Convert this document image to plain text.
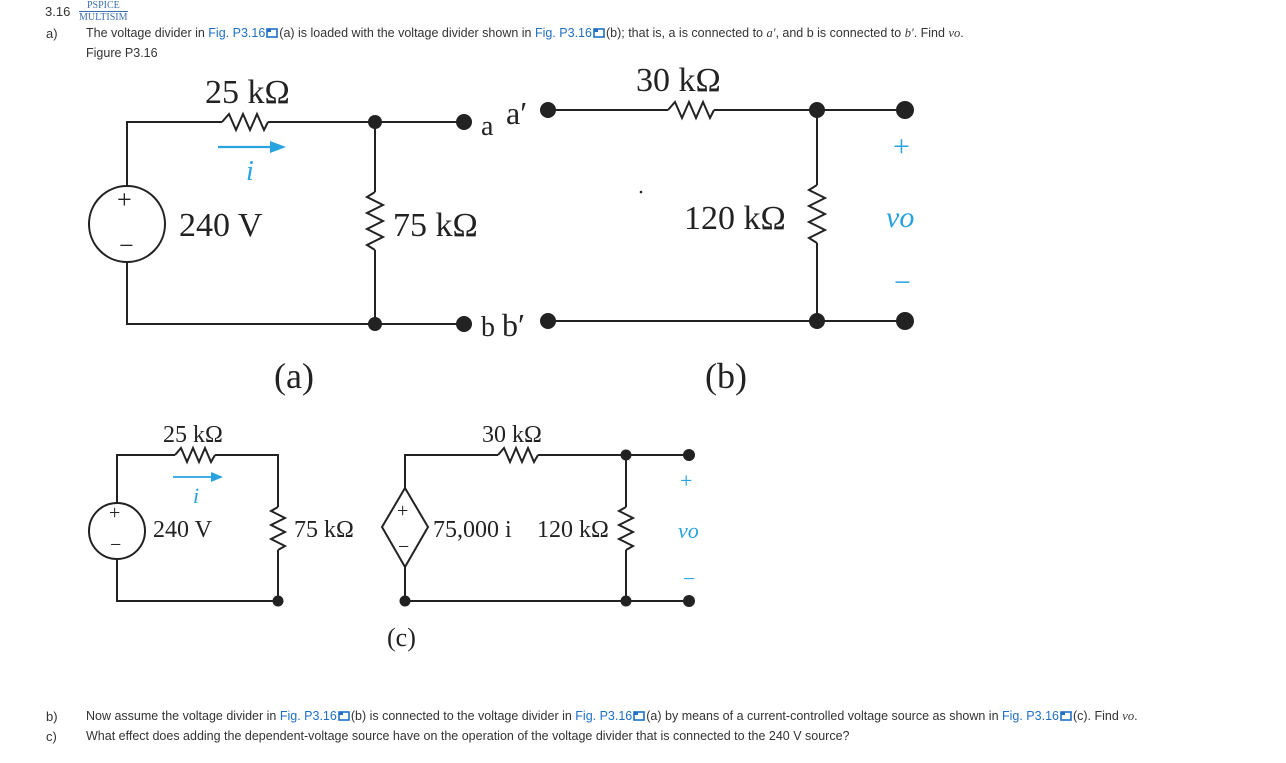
3.16 PSPICE
MULTISIM
a) The voltage divider in Fig. P3.16 (a) is loaded with the voltage divider shown in Fig. P3.16 (b); that is, a is connected to a′, and b is connected to b′. Find vo.
Figure P3.16
25 kΩ
i
+
−
240 V	75 kΩ
a
b
(a)
a′
b′
30 kΩ
120 kΩ
+
vo
−
(b)
25 kΩ
i
+
−
240 V	75 kΩ
+
−
75,000 i
30 kΩ
120 kΩ
+
vo
−
(c)
b) Now assume the voltage divider in Fig. P3.16 (b) is connected to the voltage divider in Fig. P3.16 (a) by means of a current-controlled voltage source as shown in Fig. P3.16 (c). Find vo.
c) What effect does adding the dependent-voltage source have on the operation of the voltage divider that is connected to the 240 V source?
